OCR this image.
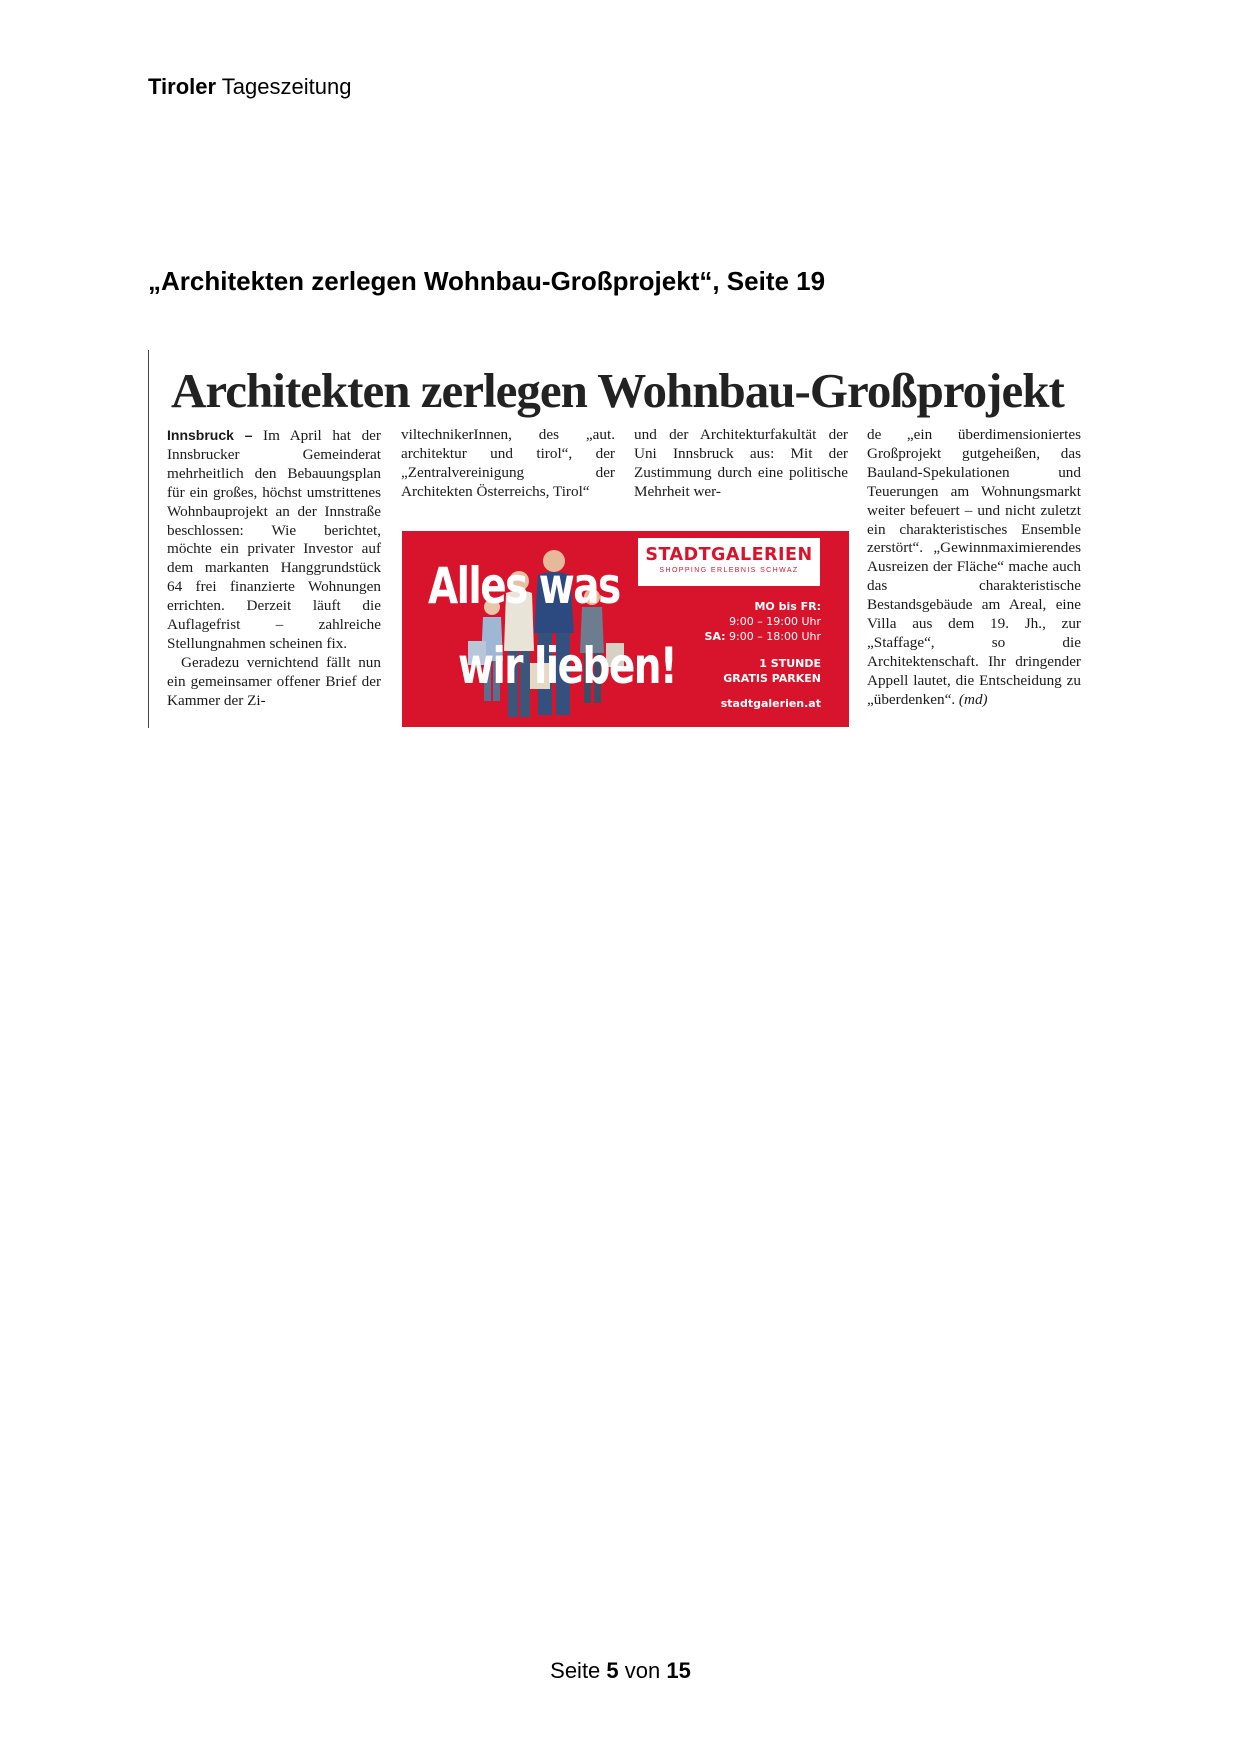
Tiroler Tageszeitung
„Architekten zerlegen Wohnbau-Großprojekt“, Seite 19
Architekten zerlegen Wohnbau-Großprojekt

Innsbruck – Im April hat der Innsbrucker Gemeinderat mehrheitlich den Bebauungsplan für ein großes, höchst umstrittenes Wohnbauprojekt an der Innstraße beschlossen: Wie berichtet, möchte ein privater Investor auf dem markanten Hanggrundstück 64 frei finanzierte Wohnungen errichten. Derzeit läuft die Auflagefrist – zahlreiche Stellungnahmen scheinen fix.

Geradezu vernichtend fällt nun ein gemeinsamer offener Brief der Kammer der Zi-

viltechnikerInnen, des „aut. architektur und tirol“, der „Zentralvereinigung der Architekten Österreichs, Tirol“

und der Architekturfakultät der Uni Innsbruck aus: Mit der Zustimmung durch eine politische Mehrheit wer-

de „ein überdimensioniertes Großprojekt gutgeheißen, das Bauland-Spekulationen und Teuerungen am Wohnungsmarkt weiter befeuert – und nicht zuletzt ein charakteristisches Ensemble zerstört“. „Gewinnmaximierendes Ausreizen der Fläche“ mache auch das charakteristische Bestandsgebäude am Areal, eine Villa aus dem 19. Jh., zur „Staffage“, so die Architektenschaft. Ihr dringender Appell lautet, die Entscheidung zu „überdenken“. (md)

Alles was
wir lieben!
STADTGALERIEN
SHOPPING ERLEBNIS SCHWAZ
MO bis FR:
9:00 – 19:00 Uhr
SA: 9:00 – 18:00 Uhr
1 STUNDE
GRATIS PARKEN
stadtgalerien.at
Seite 5 von 15
